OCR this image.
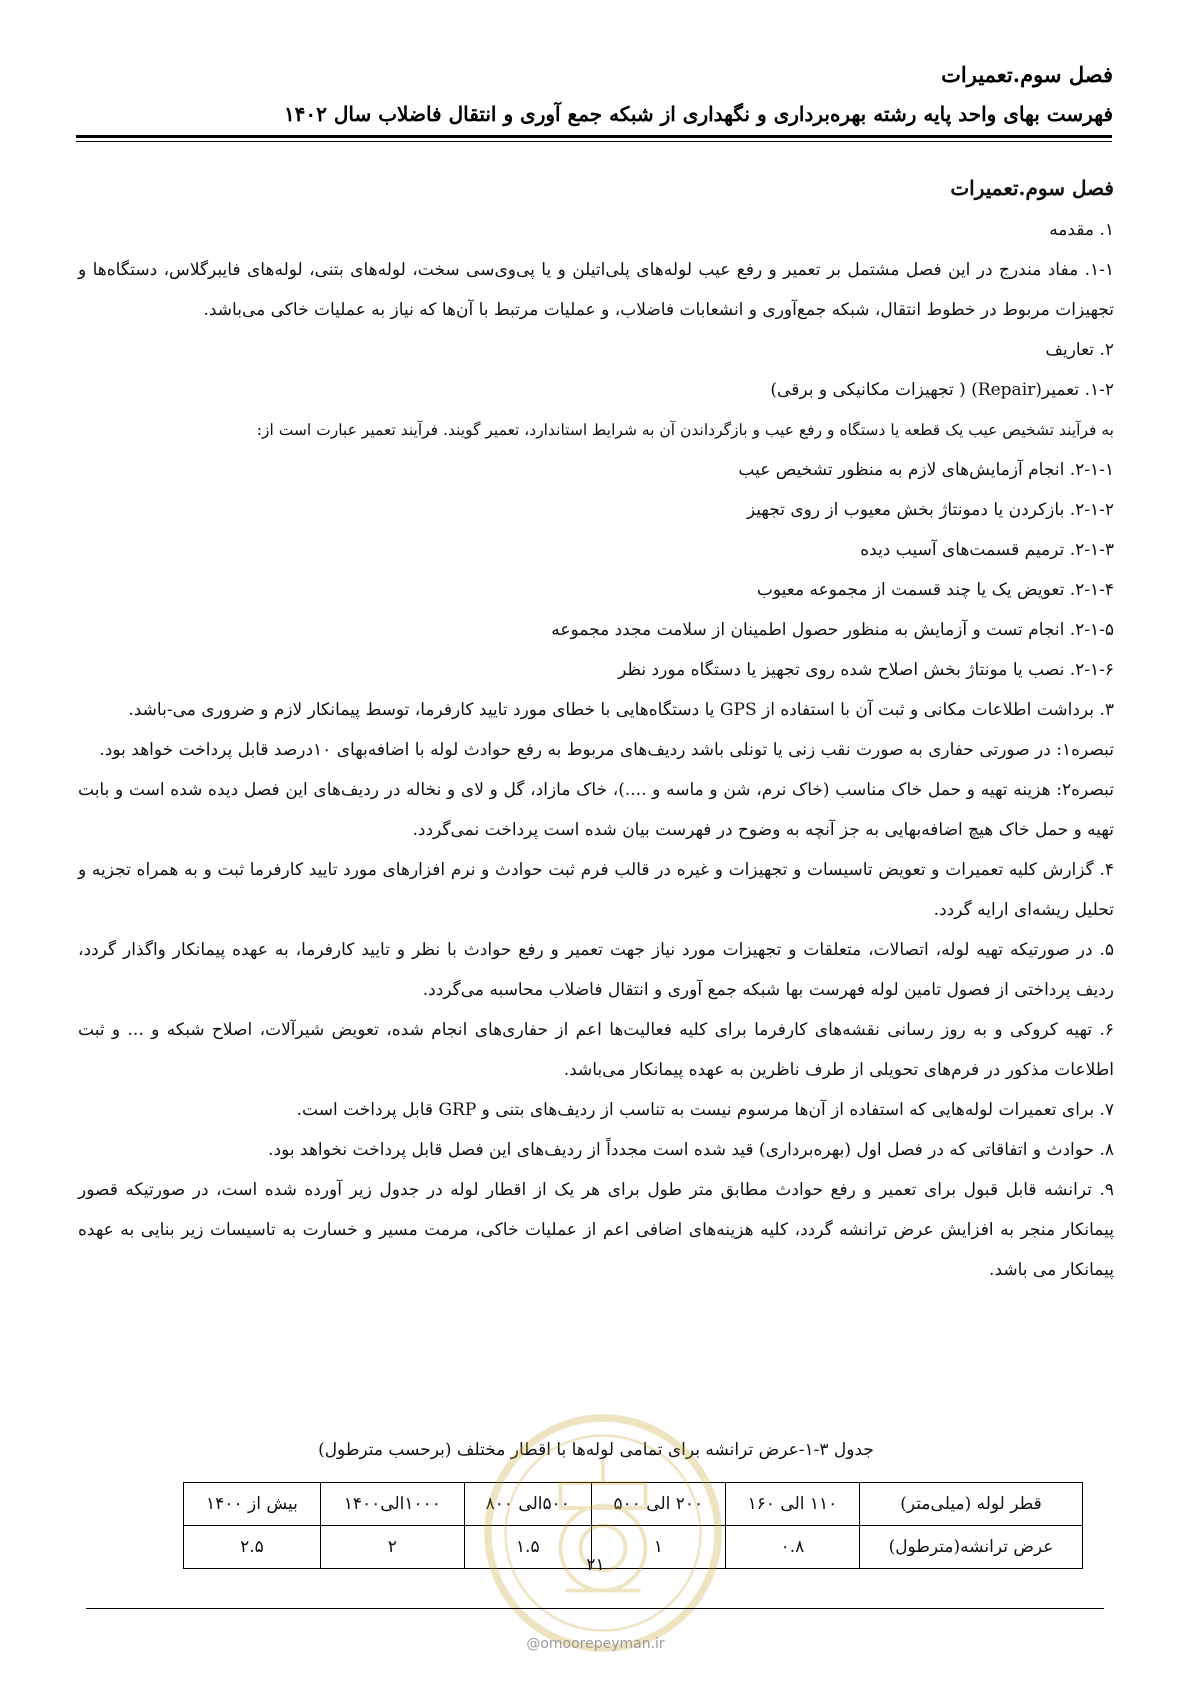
فصل سوم.تعمیرات
فهرست بهای واحد پایه رشته بهره‌برداری و نگهداری از شبکه جمع آوری و انتقال فاضلاب سال ۱۴۰۲

فصل سوم.تعمیرات

۱. مقدمه

۱-۱. مفاد مندرج در این فصل مشتمل بر تعمیر و رفع عیب لوله‌های پلی‌اتیلن و یا پی‌وی‌سی سخت، لوله‌های بتنی، لوله‌های فایبرگلاس، دستگاه‌ها و تجهیزات مربوط در خطوط انتقال، شبکه جمع‌آوری و انشعابات فاضلاب، و عملیات مرتبط با آن‌ها که نیاز به عملیات خاکی می‌باشد.

۲. تعاریف

۱-۲. تعمیر(Repair) ( تجهیزات مکانیکی و برقی)

به فرآیند تشخیص عیب یک قطعه یا دستگاه و رفع عیب و بازگرداندن آن به شرایط استاندارد، تعمیر گویند. فرآیند تعمیر عبارت است از:

۲-۱-۱. انجام آزمایش‌های لازم به منظور تشخیص عیب

۲-۱-۲. بازکردن یا دمونتاژ بخش معیوب از روی تجهیز

۲-۱-۳. ترمیم قسمت‌های آسیب دیده

۲-۱-۴. تعویض یک یا چند قسمت از مجموعه معیوب

۲-۱-۵. انجام تست و آزمایش به منظور حصول اطمینان از سلامت مجدد مجموعه

۲-۱-۶. نصب یا مونتاژ بخش اصلاح شده روی تجهیز یا دستگاه مورد نظر

۳. برداشت اطلاعات مکانی و ثبت آن با استفاده از GPS یا دستگاه‌هایی با خطای مورد تایید کارفرما، توسط پیمانکار لازم و ضروری می-باشد.

تبصره۱: در صورتی حفاری به صورت نقب زنی یا تونلی باشد ردیف‌های مربوط به رفع حوادث لوله با اضافه‌بهای ۱۰درصد قابل پرداخت خواهد بود.

تبصره۲: هزینه تهیه و حمل خاک مناسب (خاک نرم، شن و ماسه و ....)، خاک مازاد، گل و لای و نخاله در ردیف‌های این فصل دیده شده است و بابت تهیه و حمل خاک هیچ اضافه‌بهایی به جز آنچه به وضوح در فهرست بیان شده است پرداخت نمی‌گردد.

۴. گزارش کلیه تعمیرات و تعویض تاسیسات و تجهیزات و غیره در قالب فرم ثبت حوادث و نرم افزارهای مورد تایید کارفرما ثبت و به همراه تجزیه و تحلیل ریشه‌ای ارایه گردد.

۵. در صورتیکه تهیه لوله، اتصالات، متعلقات و تجهیزات مورد نیاز جهت تعمیر و رفع حوادث با نظر و تایید کارفرما، به عهده پیمانکار واگذار گردد، ردیف پرداختی از فصول تامین لوله فهرست بها شبکه جمع آوری و انتقال فاضلاب محاسبه می‌گردد.

۶. تهیه کروکی و به روز رسانی نقشه‌های کارفرما برای کلیه فعالیت‌ها اعم از حفاری‌های انجام شده، تعویض شیرآلات، اصلاح شبکه و ... و ثبت اطلاعات مذکور در فرم‌های تحویلی از طرف ناظرین به عهده پیمانکار می‌باشد.

۷. برای تعمیرات لوله‌هایی که استفاده از آن‌ها مرسوم نیست به تناسب از ردیف‌های بتنی و GRP قابل پرداخت است.

۸. حوادث و اتفاقاتی که در فصل اول (بهره‌برداری) قید شده است مجدداً از ردیف‌های این فصل قابل پرداخت نخواهد بود.

۹. ترانشه قابل قبول برای تعمیر و رفع حوادث مطابق متر طول برای هر یک از اقطار لوله در جدول زیر آورده شده است، در صورتیکه قصور پیمانکار منجر به افزایش عرض ترانشه گردد، کلیه هزینه‌های اضافی اعم از عملیات خاکی، مرمت مسیر و خسارت به تاسیسات زیر بنایی به عهده پیمانکار می باشد.

جدول ۳-۱-عرض ترانشه برای تمامی لوله‌ها با اقطار مختلف (برحسب مترطول)
قطر لوله (میلی‌متر)	۱۱۰ الی ۱۶۰	۲۰۰ الی ۵۰۰	۵۰۰الی ۸۰۰	۱۰۰۰الی۱۴۰۰	بیش از ۱۴۰۰
عرض ترانشه(مترطول)	۰.۸	۱	۱.۵	۲	۲.۵
۲۱
@omoorepeyman.ir
